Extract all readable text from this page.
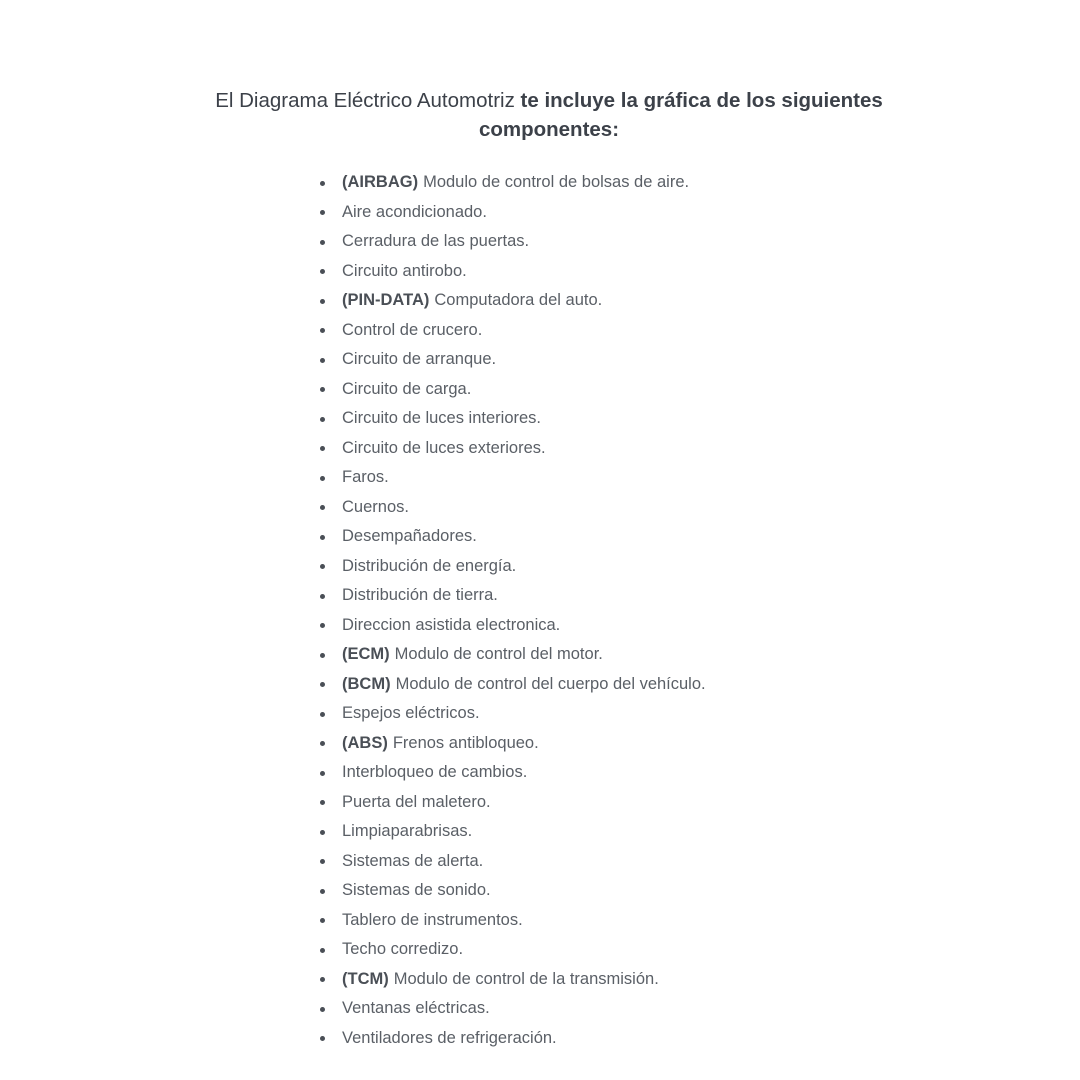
El Diagrama Eléctrico Automotriz te incluye la gráfica de los siguientes componentes:

(AIRBAG) Modulo de control de bolsas de aire.
Aire acondicionado.
Cerradura de las puertas.
Circuito antirobo.
(PIN-DATA) Computadora del auto.
Control de crucero.
Circuito de arranque.
Circuito de carga.
Circuito de luces interiores.
Circuito de luces exteriores.
Faros.
Cuernos.
Desempañadores.
Distribución de energía.
Distribución de tierra.
Direccion asistida electronica.
(ECM) Modulo de control del motor.
(BCM) Modulo de control del cuerpo del vehículo.
Espejos eléctricos.
(ABS) Frenos antibloqueo.
Interbloqueo de cambios.
Puerta del maletero.
Limpiaparabrisas.
Sistemas de alerta.
Sistemas de sonido.
Tablero de instrumentos.
Techo corredizo.
(TCM) Modulo de control de la transmisión.
Ventanas eléctricas.
Ventiladores de refrigeración.
